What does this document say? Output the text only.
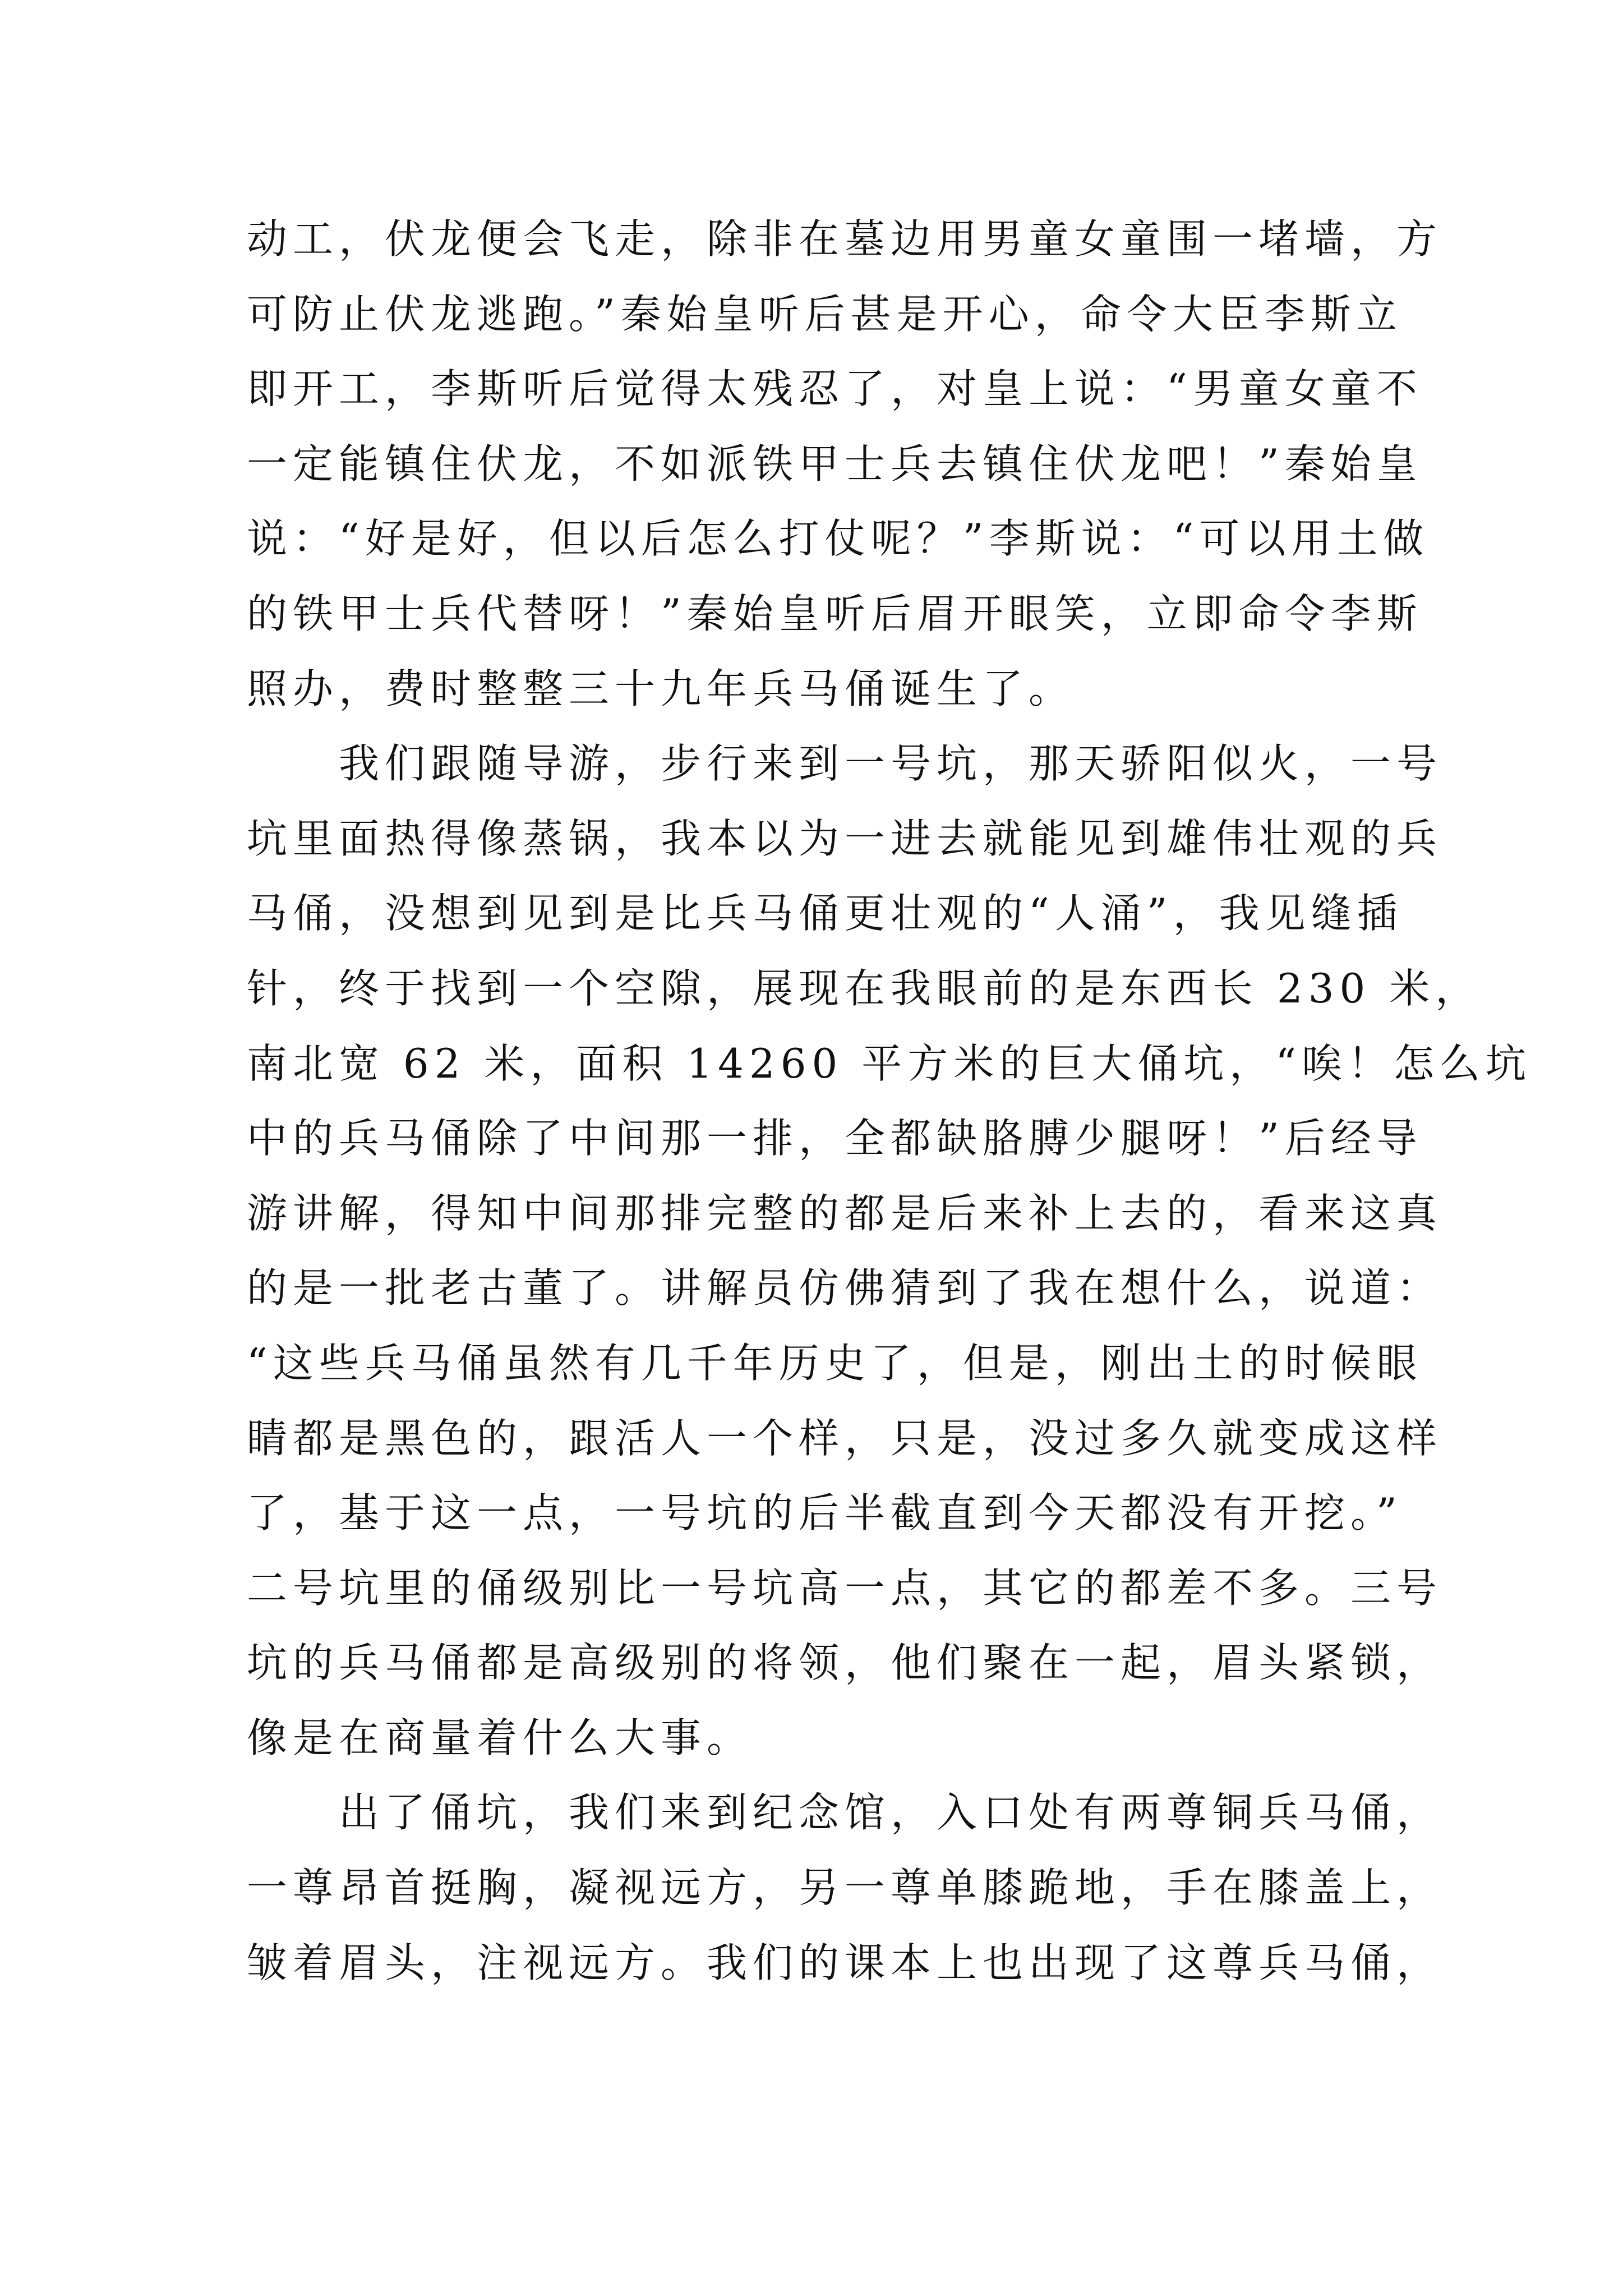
动工，伏龙便会飞走，除非在墓边用男童女童围一堵墙，方
可防止伏龙逃跑。”秦始皇听后甚是开心，命令大臣李斯立
即开工，李斯听后觉得太残忍了，对皇上说：“男童女童不
一定能镇住伏龙，不如派铁甲士兵去镇住伏龙吧！”秦始皇
说：“好是好，但以后怎么打仗呢？”李斯说：“可以用土做
的铁甲士兵代替呀！”秦始皇听后眉开眼笑，立即命令李斯
照办，费时整整三十九年兵马俑诞生了。
　　我们跟随导游，步行来到一号坑，那天骄阳似火，一号
坑里面热得像蒸锅，我本以为一进去就能见到雄伟壮观的兵
马俑，没想到见到是比兵马俑更壮观的“人涌”，我见缝插
针，终于找到一个空隙，展现在我眼前的是东西长 230 米，
南北宽 62 米，面积 14260 平方米的巨大俑坑，“唉！怎么坑
中的兵马俑除了中间那一排，全都缺胳膊少腿呀！”后经导
游讲解，得知中间那排完整的都是后来补上去的，看来这真
的是一批老古董了。讲解员仿佛猜到了我在想什么，说道：
“这些兵马俑虽然有几千年历史了，但是，刚出土的时候眼
睛都是黑色的，跟活人一个样，只是，没过多久就变成这样
了，基于这一点，一号坑的后半截直到今天都没有开挖。”
二号坑里的俑级别比一号坑高一点，其它的都差不多。三号
坑的兵马俑都是高级别的将领，他们聚在一起，眉头紧锁，
像是在商量着什么大事。
　　出了俑坑，我们来到纪念馆，入口处有两尊铜兵马俑，
一尊昂首挺胸，凝视远方，另一尊单膝跪地，手在膝盖上，
皱着眉头，注视远方。我们的课本上也出现了这尊兵马俑，
